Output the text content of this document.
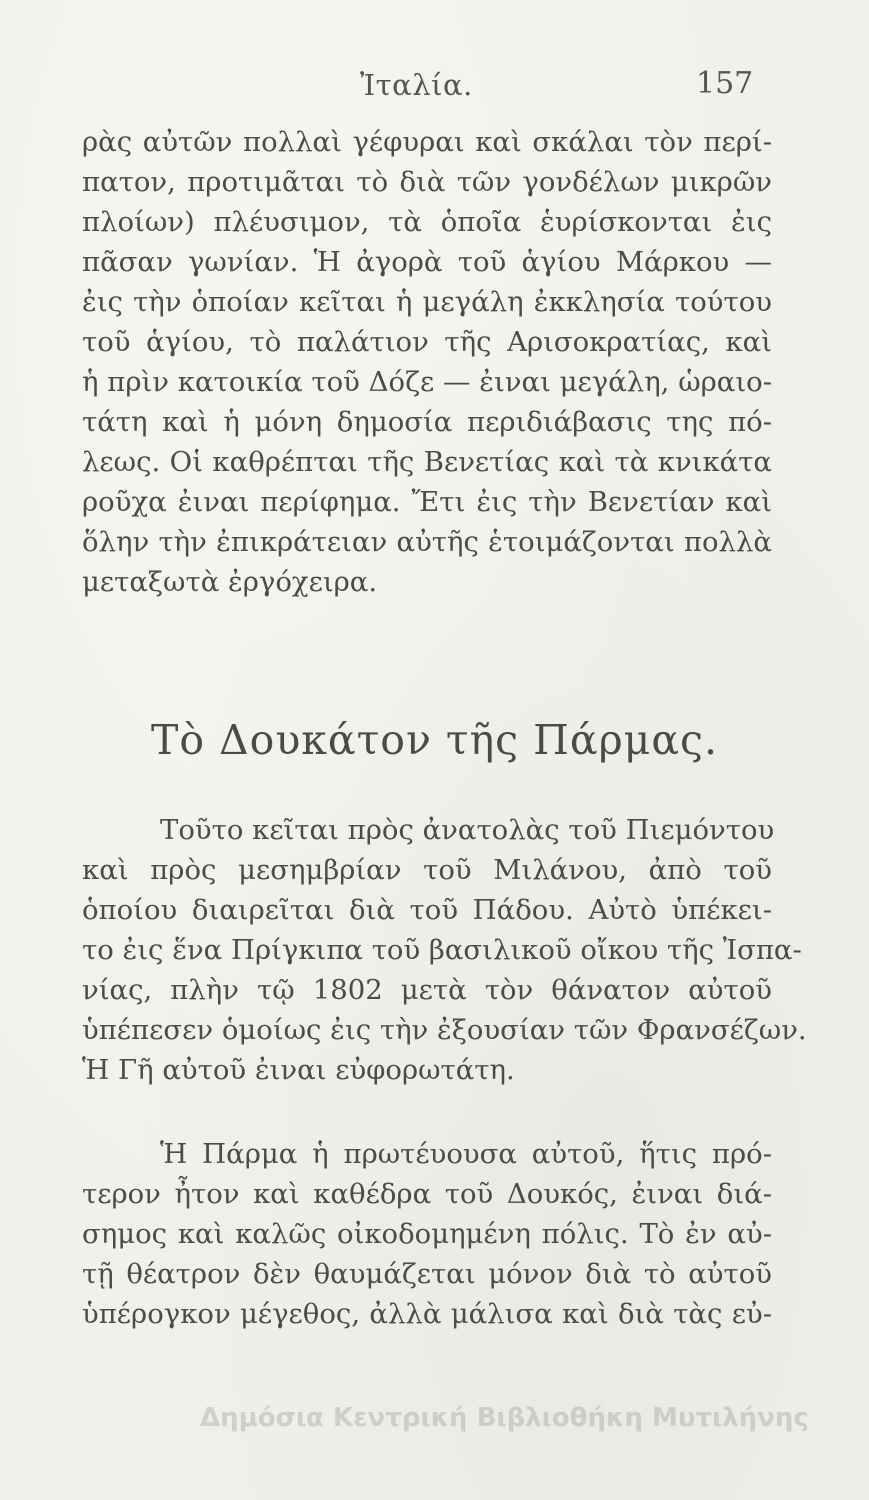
Ἰταλία.	157
ρὰς αὐτῶν πολλαὶ γέφυραι καὶ σκάλαι τὸν περί-
πατον, προτιμᾶται τὸ διὰ τῶν γονδέλων μικρῶν
πλοίων) πλέυσιμον, τὰ ὁποῖα ἑυρίσκονται ἐις
πᾶσαν γωνίαν. Ἡ ἀγορὰ τοῦ ἁγίου Μάρκου —
ἐις τὴν ὁποίαν κεῖται ἡ μεγάλη ἐκκλησία τούτου
τοῦ ἁγίου, τὸ παλάτιον τῆς Αρισοκρατίας, καὶ
ἡ πρὶν κατοικία τοῦ Δόζε — ἐιναι μεγάλη, ὡραιο-
τάτη καὶ ἡ μόνη δημοσία περιδιάβασις της πό-
λεως. Οἱ καθρέπται τῆς Βενετίας καὶ τὰ κνικάτα
ροῦχα ἐιναι περίφημα. Ἔτι ἐις τὴν Βενετίαν καὶ
ὅλην τὴν ἐπικράτειαν αὐτῆς ἑτοιμάζονται πολλὰ
μεταξωτὰ ἐργόχειρα.
Τὸ Δουκάτον τῆς Πάρμας.
Τοῦτο κεῖται πρὸς ἀνατολὰς τοῦ Πιεμόντου
καὶ πρὸς μεσημβρίαν τοῦ Μιλάνου, ἀπὸ τοῦ
ὁποίου διαιρεῖται διὰ τοῦ Πάδου. Αὐτὸ ὑπέκει-
το ἐις ἕνα Πρίγκιπα τοῦ βασιλικοῦ οἴκου τῆς Ἰσπα-
νίας, πλὴν τῷ 1802 μετὰ τὸν θάνατον αὐτοῦ
ὑπέπεσεν ὁμοίως ἐις τὴν ἐξουσίαν τῶν Φρανσέζων.
Ἡ Γῆ αὐτοῦ ἐιναι εὐφορωτάτη.
Ἡ Πάρμα ἡ πρωτέυουσα αὐτοῦ, ἥτις πρό-
τερον ἦτον καὶ καθέδρα τοῦ Δουκός, ἐιναι διά-
σημος καὶ καλῶς οἰκοδομημένη πόλις. Τὸ ἐν αὐ-
τῇ θέατρον δὲν θαυμάζεται μόνον διὰ τὸ αὐτοῦ
ὑπέρογκον μέγεθος, ἀλλὰ μάλισα καὶ διὰ τὰς εὐ-
Δημόσια Κεντρική Βιβλιοθήκη Μυτιλήνης
